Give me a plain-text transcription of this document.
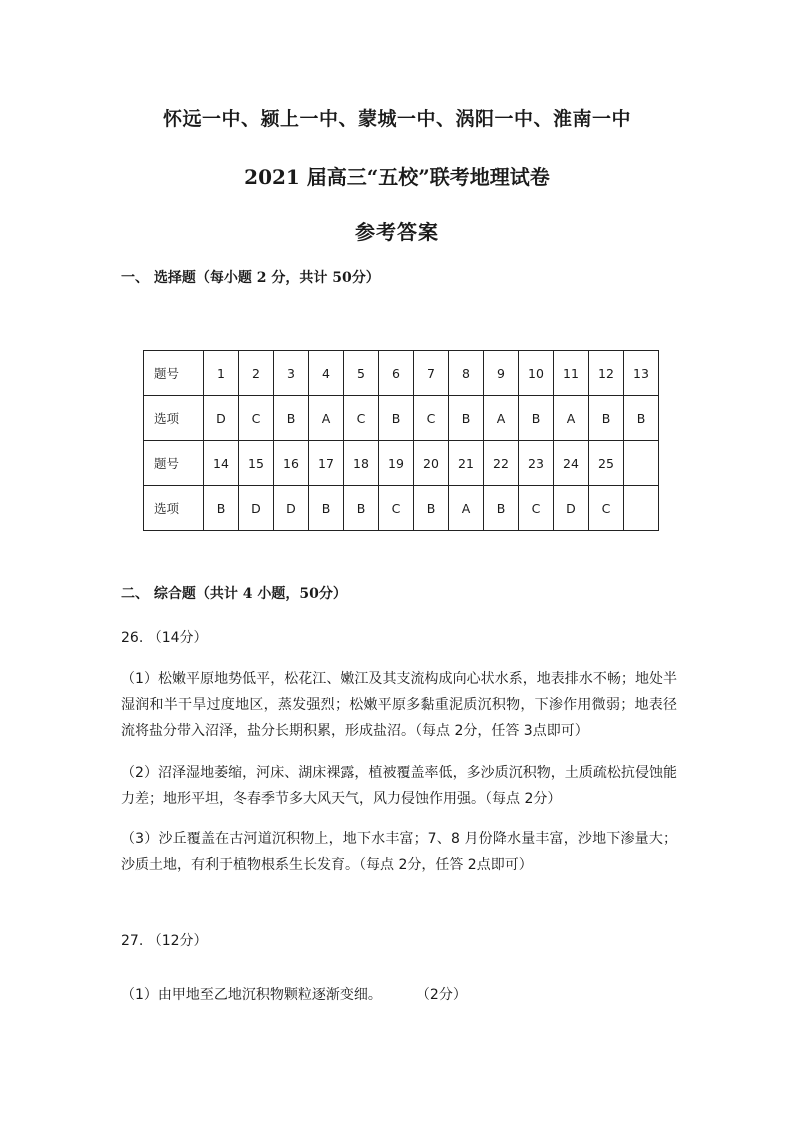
怀远一中、颍上一中、蒙城一中、涡阳一中、淮南一中
2021 届高三“五校”联考地理试卷
参考答案
一、 选择题（每小题 2 分，共计 50分）
题号	1	2	3	4	5	6	7	8	9	10	11	12	13
选项	D	C	B	A	C	B	C	B	A	B	A	B	B
题号	14	15	16	17	18	19	20	21	22	23	24	25	
选项	B	D	D	B	B	C	B	A	B	C	D	C	
二、 综合题（共计 4 小题，50分）
26. （14分）
（1）松嫩平原地势低平，松花江、嫩江及其支流构成向心状水系，地表排水不畅；地处半湿润和半干旱过度地区，蒸发强烈；松嫩平原多黏重泥质沉积物，下渗作用微弱；地表径流将盐分带入沼泽，盐分长期积累，形成盐沼。（每点 2分，任答 3点即可）
（2）沼泽湿地萎缩，河床、湖床裸露，植被覆盖率低，多沙质沉积物，土质疏松抗侵蚀能力差；地形平坦，冬春季节多大风天气，风力侵蚀作用强。（每点 2分）
（3）沙丘覆盖在古河道沉积物上，地下水丰富；7、8 月份降水量丰富，沙地下渗量大；沙质土地，有利于植物根系生长发育。（每点 2分，任答 2点即可）
27. （12分）
（1）由甲地至乙地沉积物颗粒逐渐变细。 （2分）
